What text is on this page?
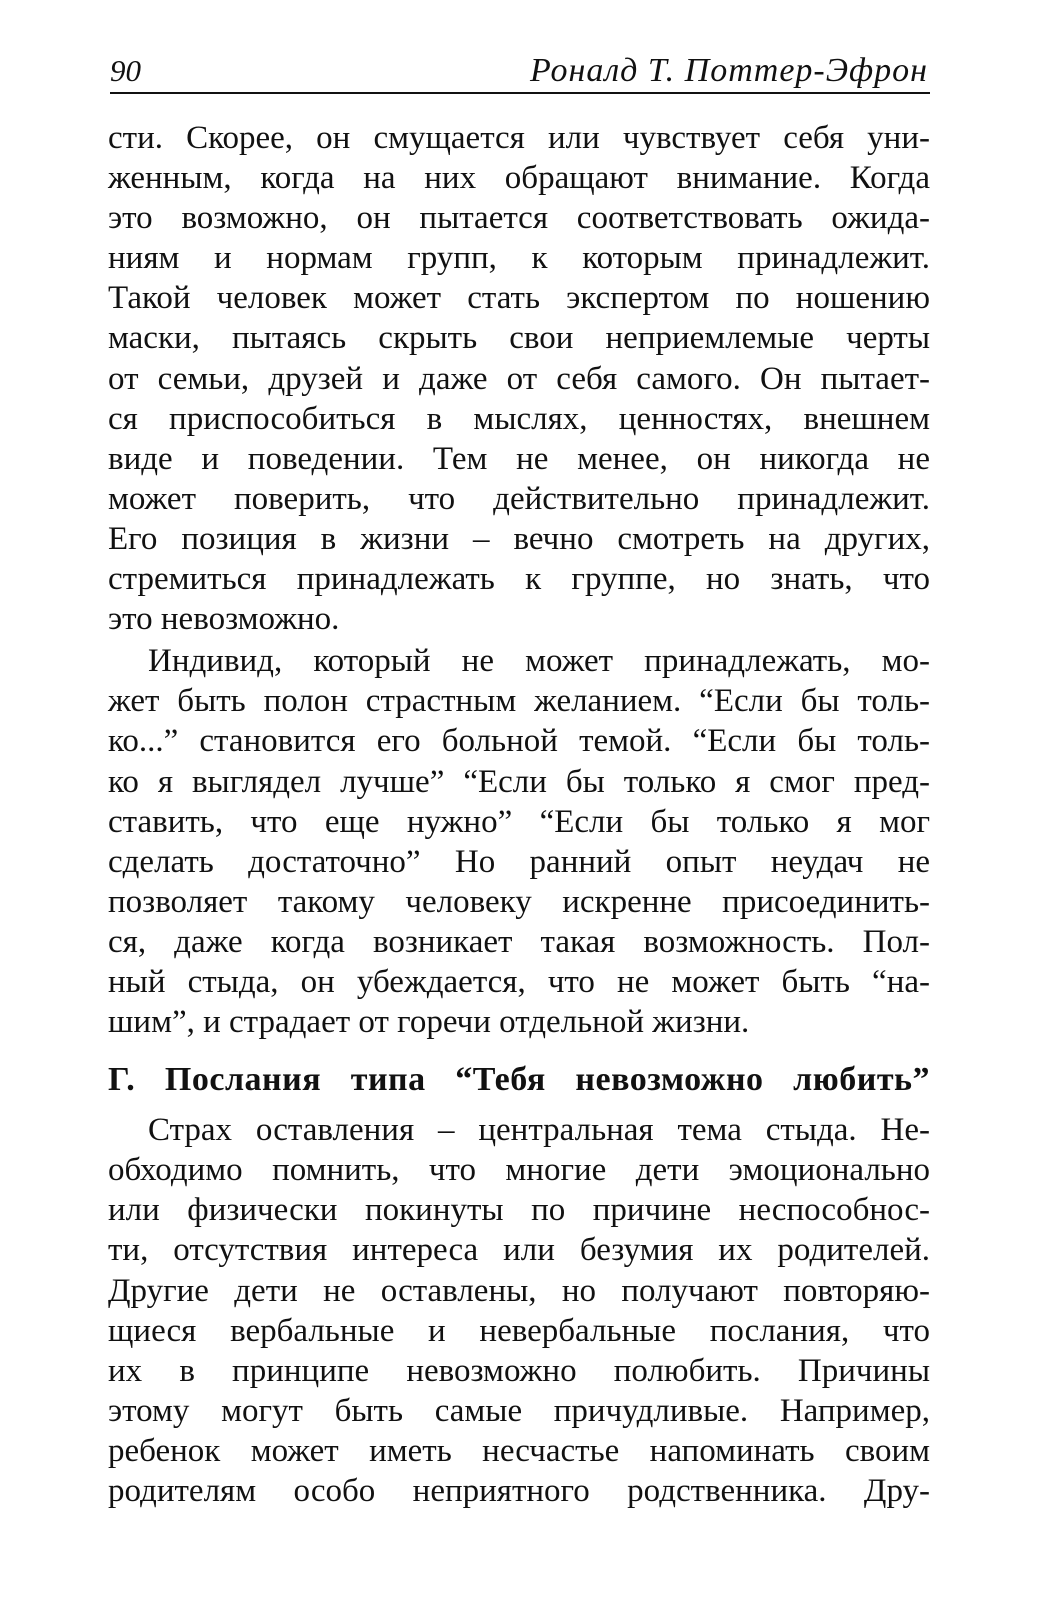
90	Роналд Т. Поттер-Эфрон
сти. Скорее, он смущается или чувствует себя уни-
женным, когда на них обращают внимание. Когда
это возможно, он пытается соответствовать ожида-
ниям и нормам групп, к которым принадлежит.
Такой человек может стать экспертом по ношению
маски, пытаясь скрыть свои неприемлемые черты
от семьи, друзей и даже от себя самого. Он пытает-
ся приспособиться в мыслях, ценностях, внешнем
виде и поведении. Тем не менее, он никогда не
может поверить, что действительно принадлежит.
Его позиция в жизни – вечно смотреть на других,
стремиться принадлежать к группе, но знать, что
это невозможно.
Индивид, который не может принадлежать, мо-
жет быть полон страстным желанием. “Если бы толь-
ко...” становится его больной темой. “Если бы толь-
ко я выглядел лучше” “Если бы только я смог пред-
ставить, что еще нужно” “Если бы только я мог
сделать достаточно” Но ранний опыт неудач не
позволяет такому человеку искренне присоединить-
ся, даже когда возникает такая возможность. Пол-
ный стыда, он убеждается, что не может быть “на-
шим”, и страдает от горечи отдельной жизни.
Г. Послания типа “Тебя невозможно любить”
Страх оставления – центральная тема стыда. Не-
обходимо помнить, что многие дети эмоционально
или физически покинуты по причине неспособнос-
ти, отсутствия интереса или безумия их родителей.
Другие дети не оставлены, но получают повторяю-
щиеся вербальные и невербальные послания, что
их в принципе невозможно полюбить. Причины
этому могут быть самые причудливые. Например,
ребенок может иметь несчастье напоминать своим
родителям особо неприятного родственника. Дру-
